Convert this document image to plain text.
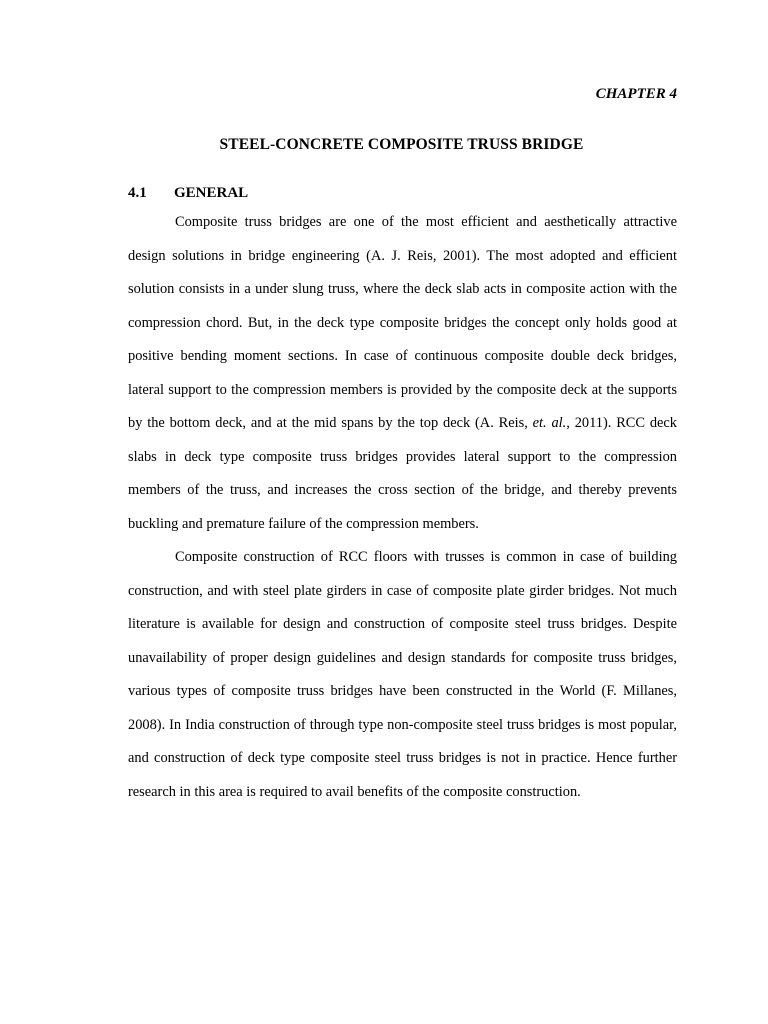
CHAPTER 4
STEEL-CONCRETE COMPOSITE TRUSS BRIDGE
4.1 GENERAL

Composite truss bridges are one of the most efficient and aesthetically attractive design solutions in bridge engineering (A. J. Reis, 2001). The most adopted and efficient solution consists in a under slung truss, where the deck slab acts in composite action with the compression chord. But, in the deck type composite bridges the concept only holds good at positive bending moment sections. In case of continuous composite double deck bridges, lateral support to the compression members is provided by the composite deck at the supports by the bottom deck, and at the mid spans by the top deck (A. Reis, et. al., 2011). RCC deck slabs in deck type composite truss bridges provides lateral support to the compression members of the truss, and increases the cross section of the bridge, and thereby prevents buckling and premature failure of the compression members.

Composite construction of RCC floors with trusses is common in case of building construction, and with steel plate girders in case of composite plate girder bridges. Not much literature is available for design and construction of composite steel truss bridges. Despite unavailability of proper design guidelines and design standards for composite truss bridges, various types of composite truss bridges have been constructed in the World (F. Millanes, 2008). In India construction of through type non-composite steel truss bridges is most popular, and construction of deck type composite steel truss bridges is not in practice. Hence further research in this area is required to avail benefits of the composite construction.
